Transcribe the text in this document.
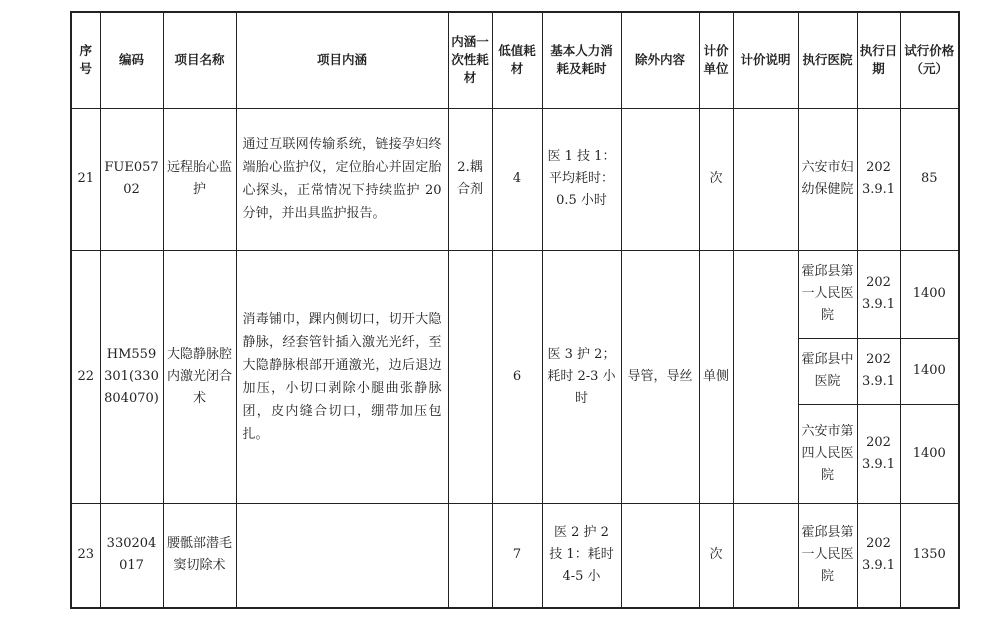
序号	编码	项目名称	项目内涵	内涵一次性耗材	低值耗材	基本人力消耗及耗时	除外内容	计价单位	计价说明	执行医院	执行日期	试行价格（元）
21	FUE05702	远程胎心监护	通过互联网传输系统，链接孕妇终端胎心监护仪，定位胎心并固定胎心探头，正常情况下持续监护 20 分钟，并出具监护报告。	2.耦合剂	4	医 1 技 1：平均耗时：0.5 小时		次		六安市妇幼保健院	2023.9.1	85
22	HM559301(330804070)	大隐静脉腔内激光闭合术	消毒铺巾，踝内侧切口，切开大隐静脉，经套管针插入激光光纤，至大隐静脉根部开通激光，边后退边加压，小切口剥除小腿曲张静脉团，皮内缝合切口，绷带加压包扎。		6	医 3 护 2；耗时 2-3 小时	导管，导丝	单侧		霍邱县第一人民医院	2023.9.1	1400
										霍邱县中医院	2023.9.1	1400
										六安市第四人民医院	2023.9.1	1400
23	330204017	腰骶部潜毛窦切除术			7	医 2 护 2 技 1：耗时 4-5 小		次		霍邱县第一人民医院	2023.9.1	1350
